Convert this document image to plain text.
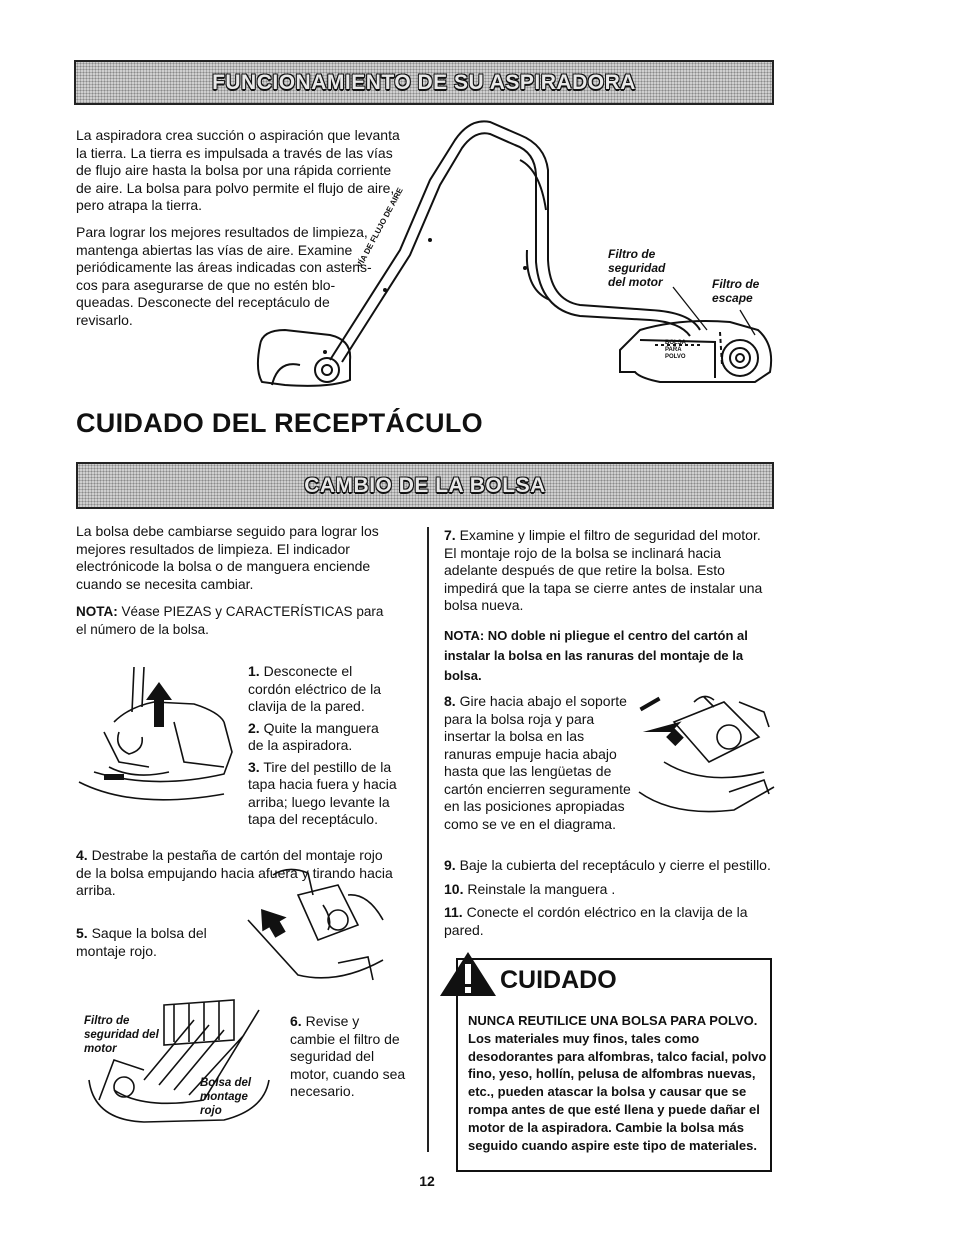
FUNCIONAMIENTO DE SU ASPIRADORA

La aspiradora crea succión o aspiración que levanta la tierra. La tierra es impulsada a través de las vías de flujo aire hasta la bolsa por una rápida corriente de aire. La bolsa para polvo permite el flujo de aire, pero atrapa la tierra.

Para lograr los mejores resultados de limpieza, mantenga abiertas las vías de aire. Examine periódicamente las áreas indicadas con asteris- cos para asegurarse de que no estén blo- queadas. Desconecte del receptáculo de revisarlo.

VÍA DE FLUJO DE AIRE	Filtro de seguridad del motor	Filtro de escape
BOLSA PARA POLVO
CUIDADO DEL RECEPTÁCULO
CAMBIO DE LA BOLSA

La bolsa debe cambiarse seguido para lograr los mejores resultados de limpieza. El indicador electrónicode la bolsa o de manguera enciende cuando se necesita cambiar.

NOTA: Véase PIEZAS y CARACTERÍSTICAS para el número de la bolsa.

1. Desconecte el cordón eléctrico de la clavija de la pared.

2. Quite la manguera de la aspiradora.

3. Tire del pestillo de la tapa hacia fuera y hacia arriba; luego levante la tapa del receptáculo.

4. Destrabe la pestaña de cartón del montaje rojo de la bolsa empujando hacia afuera y tirando hacia arriba.

5. Saque la bolsa del montaje rojo.

Filtro de seguridad del motor
Bolsa del montage rojo

6. Revise y cambie el filtro de seguridad del motor, cuando sea necesario.

7. Examine y limpie el filtro de seguridad del motor. El montaje rojo de la bolsa se inclinará hacia adelante después de que retire la bolsa. Esto impedirá que la tapa se cierre antes de instalar una bolsa nueva.

NOTA: NO doble ni pliegue el centro del cartón al instalar la bolsa en las ranuras del montaje de la bolsa.

8. Gire hacia abajo el soporte para la bolsa roja y para insertar la bolsa en las ranuras empuje hacia abajo hasta que las lengüetas de cartón encierren seguramente en las posiciones apropiadas como se ve en el diagrama.

9. Baje la cubierta del receptáculo y cierre el pestillo.

10. Reinstale la manguera .

11. Conecte el cordón eléctrico en la clavija de la pared.

CUIDADO
NUNCA REUTILICE UNA BOLSA PARA POLVO. Los materiales muy finos, tales como desodorantes para alfombras, talco facial, polvo fino, yeso, hollín, pelusa de alfombras nuevas, etc., pueden atascar la bolsa y causar que se rompa antes de que esté llena y puede dañar el motor de la aspiradora. Cambie la bolsa más seguido cuando aspire este tipo de materiales.
12
